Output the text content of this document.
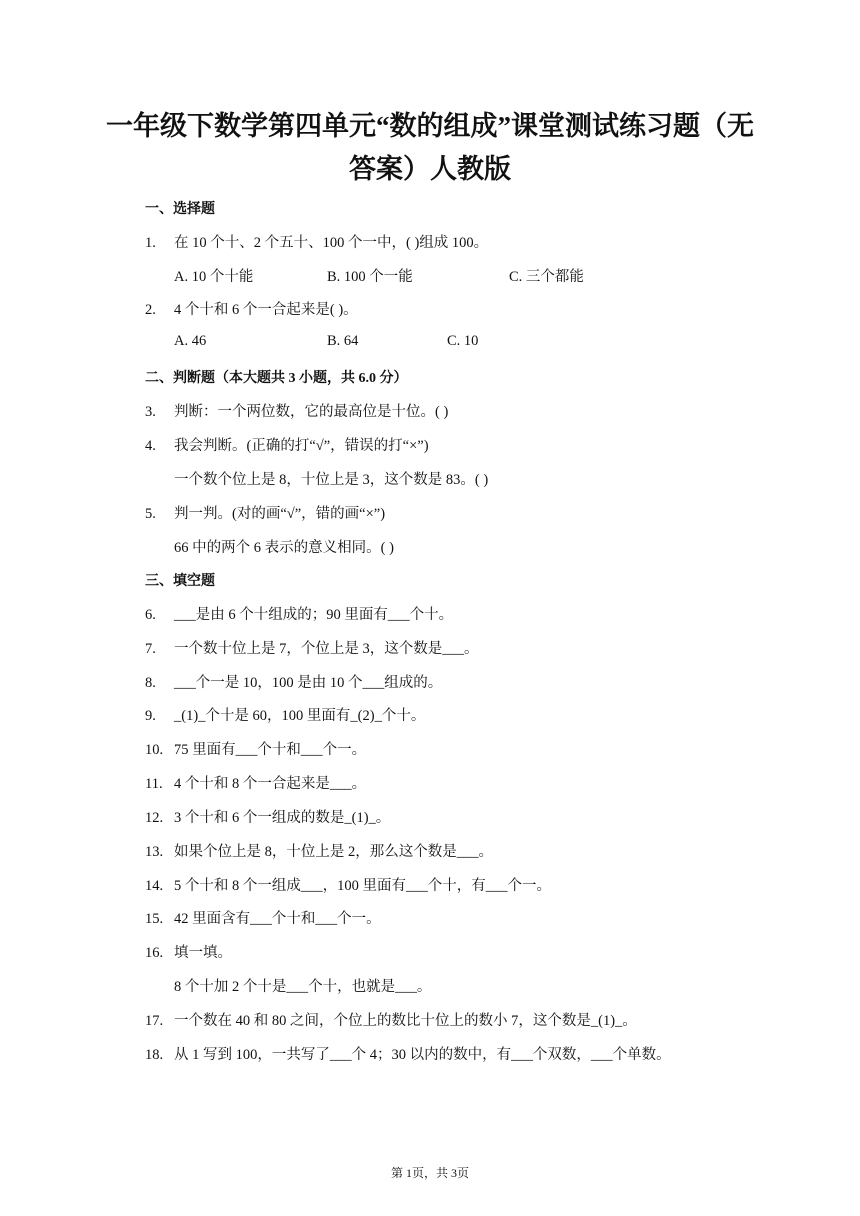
一年级下数学第四单元“数的组成”课堂测试练习题（无
答案）人教版
一、选择题
1. 在 10 个十、2 个五十、100 个一中，( )组成 100。
A. 10 个十能	B. 100 个一能	C. 三个都能
2. 4 个十和 6 个一合起来是( )。
A. 46	B. 64	C. 10
二、判断题（本大题共 3 小题，共 6.0 分）
3. 判断：一个两位数，它的最高位是十位。( )
4. 我会判断。(正确的打“√”，错误的打“×”)
一个数个位上是 8，十位上是 3，这个数是 83。( )
5. 判一判。(对的画“√”，错的画“×”)
66 中的两个 6 表示的意义相同。( )
三、填空题
6. ___是由 6 个十组成的；90 里面有___个十。
7. 一个数十位上是 7，个位上是 3，这个数是___。
8. ___个一是 10，100 是由 10 个___组成的。
9. _(1)_个十是 60，100 里面有_(2)_个十。
10. 75 里面有___个十和___个一。
11. 4 个十和 8 个一合起来是___。
12. 3 个十和 6 个一组成的数是_(1)_。
13. 如果个位上是 8，十位上是 2，那么这个数是___。
14. 5 个十和 8 个一组成___，100 里面有___个十，有___个一。
15. 42 里面含有___个十和___个一。
16. 填一填。
8 个十加 2 个十是___个十，也就是___。
17. 一个数在 40 和 80 之间，个位上的数比十位上的数小 7，这个数是_(1)_。
18. 从 1 写到 100，一共写了___个 4；30 以内的数中，有___个双数，___个单数。
第 1页，共 3页
